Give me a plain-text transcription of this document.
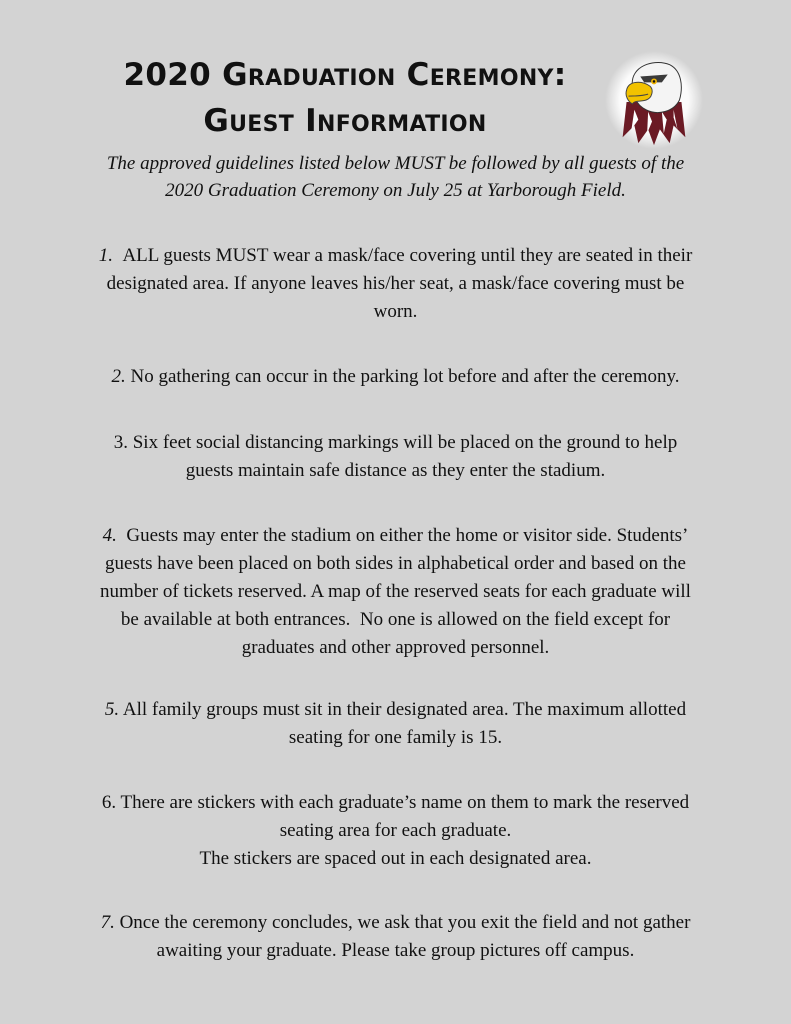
2020 Graduation Ceremony:
Guest Information

The approved guidelines listed below MUST be followed by all guests of the
2020 Graduation Ceremony on July 25 at Yarborough Field.

1. ALL guests MUST wear a mask/face covering until they are seated in their
designated area. If anyone leaves his/her seat, a mask/face covering must be
worn.

2. No gathering can occur in the parking lot before and after the ceremony.

3. Six feet social distancing markings will be placed on the ground to help
guests maintain safe distance as they enter the stadium.

4. Guests may enter the stadium on either the home or visitor side. Students’
guests have been placed on both sides in alphabetical order and based on the
number of tickets reserved. A map of the reserved seats for each graduate will
be available at both entrances.  No one is allowed on the field except for
graduates and other approved personnel.

5. All family groups must sit in their designated area. The maximum allotted
seating for one family is 15.

6. There are stickers with each graduate’s name on them to mark the reserved
seating area for each graduate.
The stickers are spaced out in each designated area.

7. Once the ceremony concludes, we ask that you exit the field and not gather
awaiting your graduate. Please take group pictures off campus.
